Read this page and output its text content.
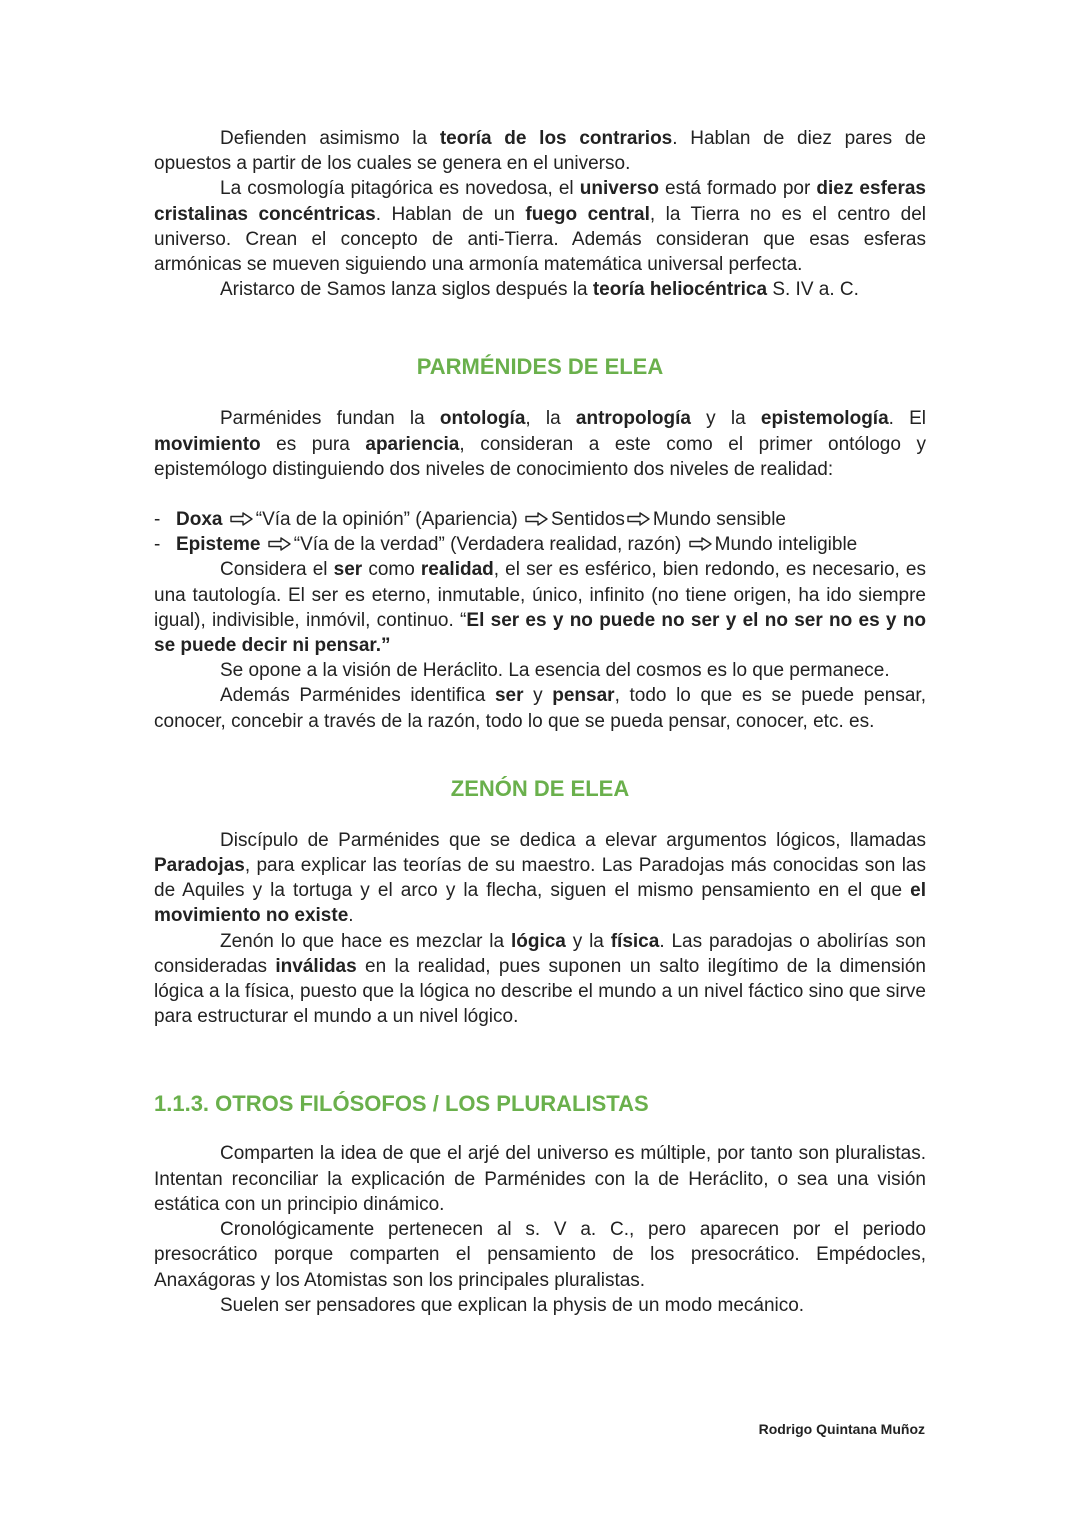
Defienden asimismo la teoría de los contrarios. Hablan de diez pares de opuestos a partir de los cuales se genera en el universo.

La cosmología pitagórica es novedosa, el universo está formado por diez esferas cristalinas concéntricas. Hablan de un fuego central, la Tierra no es el centro del universo. Crean el concepto de anti-Tierra. Además consideran que esas esferas armónicas se mueven siguiendo una armonía matemática universal perfecta.

Aristarco de Samos lanza siglos después la teoría heliocéntrica S. IV a. C.

PARMÉNIDES DE ELEA

Parménides fundan la ontología, la antropología y la epistemología. El movimiento es pura apariencia, consideran a este como el primer ontólogo y epistemólogo distinguiendo dos niveles de conocimiento dos niveles de realidad:

- Doxa “Vía de la opinión” (Apariencia) Sentidos Mundo sensible
- Episteme “Vía de la verdad” (Verdadera realidad, razón) Mundo inteligible

Considera el ser como realidad, el ser es esférico, bien redondo, es necesario, es una tautología. El ser es eterno, inmutable, único, infinito (no tiene origen, ha ido siempre igual), indivisible, inmóvil, continuo. “El ser es y no puede no ser y el no ser no es y no se puede decir ni pensar.”

Se opone a la visión de Heráclito. La esencia del cosmos es lo que permanece.

Además Parménides identifica ser y pensar, todo lo que es se puede pensar, conocer, concebir a través de la razón, todo lo que se pueda pensar, conocer, etc. es.

ZENÓN DE ELEA

Discípulo de Parménides que se dedica a elevar argumentos lógicos, llamadas Paradojas, para explicar las teorías de su maestro. Las Paradojas más conocidas son las de Aquiles y la tortuga y el arco y la flecha, siguen el mismo pensamiento en el que el movimiento no existe.

Zenón lo que hace es mezclar la lógica y la física. Las paradojas o abolirías son consideradas inválidas en la realidad, pues suponen un salto ilegítimo de la dimensión lógica a la física, puesto que la lógica no describe el mundo a un nivel fáctico sino que sirve para estructurar el mundo a un nivel lógico.

1.1.3. OTROS FILÓSOFOS / LOS PLURALISTAS

Comparten la idea de que el arjé del universo es múltiple, por tanto son pluralistas. Intentan reconciliar la explicación de Parménides con la de Heráclito, o sea una visión estática con un principio dinámico.

Cronológicamente pertenecen al s. V a. C., pero aparecen por el periodo presocrático porque comparten el pensamiento de los presocrático. Empédocles, Anaxágoras y los Atomistas son los principales pluralistas.

Suelen ser pensadores que explican la physis de un modo mecánico.

Rodrigo Quintana Muñoz
